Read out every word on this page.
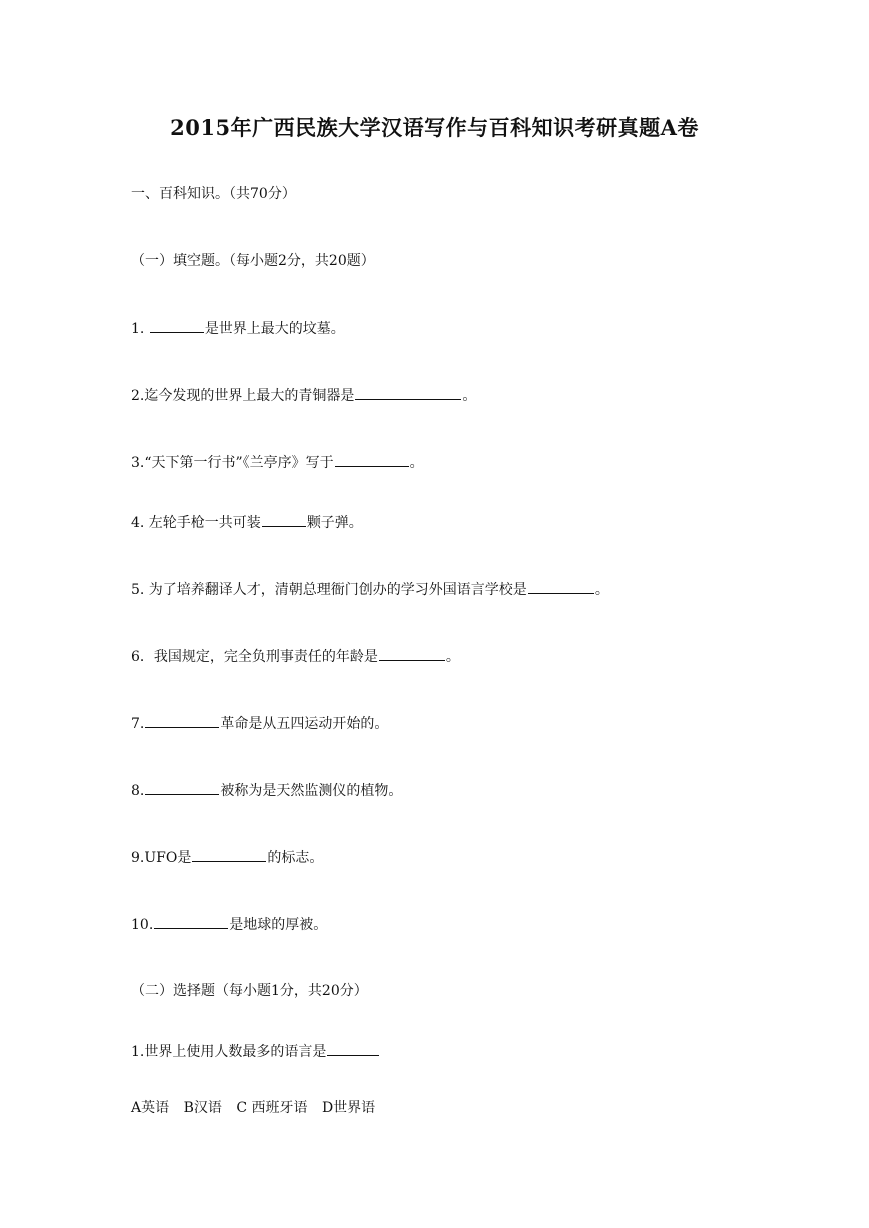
2015年广西民族大学汉语写作与百科知识考研真题A卷
一、百科知识。（共70分）
（一）填空题。（每小题2分，共20题）
1.	是世界上最大的坟墓。
2.迄今发现的世界上最大的青铜器是	。
3.“天下第一行书”《兰亭序》写于	。
4. 左轮手枪一共可装	颗子弹。
5. 为了培养翻译人才，清朝总理衙门创办的学习外国语言学校是	。
6．我国规定，完全负刑事责任的年龄是	。
7.	革命是从五四运动开始的。
8.	被称为是天然监测仪的植物。
9.UFO是	的标志。
10.	是地球的厚被。
（二）选择题（每小题1分，共20分）
1.世界上使用人数最多的语言是
A英语 B汉语 C 西班牙语 D世界语
